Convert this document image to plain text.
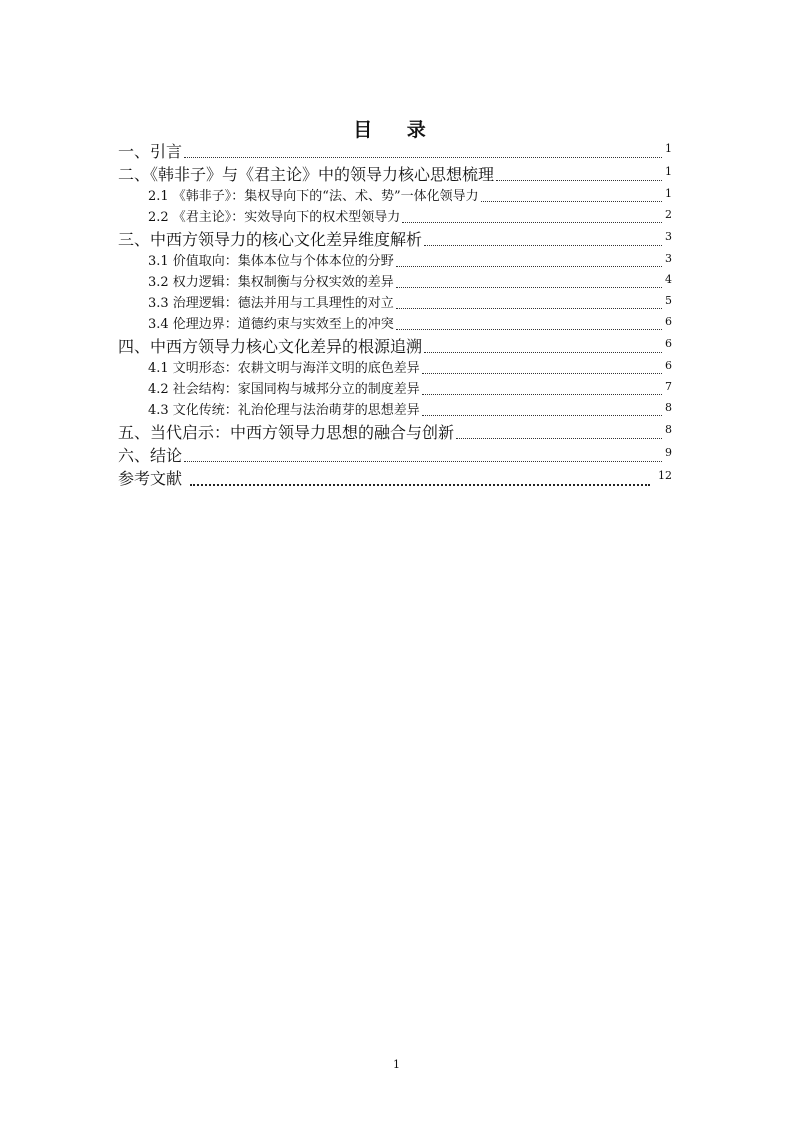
目 录
一、引言	1
二、《韩非子》与《君主论》中的领导力核心思想梳理	1
2.1 《韩非子》：集权导向下的“法、术、势”一体化领导力	1
2.2 《君主论》：实效导向下的权术型领导力	2
三、中西方领导力的核心文化差异维度解析	3
3.1 价值取向：集体本位与个体本位的分野	3
3.2 权力逻辑：集权制衡与分权实效的差异	4
3.3 治理逻辑：德法并用与工具理性的对立	5
3.4 伦理边界：道德约束与实效至上的冲突	6
四、中西方领导力核心文化差异的根源追溯	6
4.1 文明形态：农耕文明与海洋文明的底色差异	6
4.2 社会结构：家国同构与城邦分立的制度差异	7
4.3 文化传统：礼治伦理与法治萌芽的思想差异	8
五、当代启示：中西方领导力思想的融合与创新	8
六、结论	9
参考文献	12
1
